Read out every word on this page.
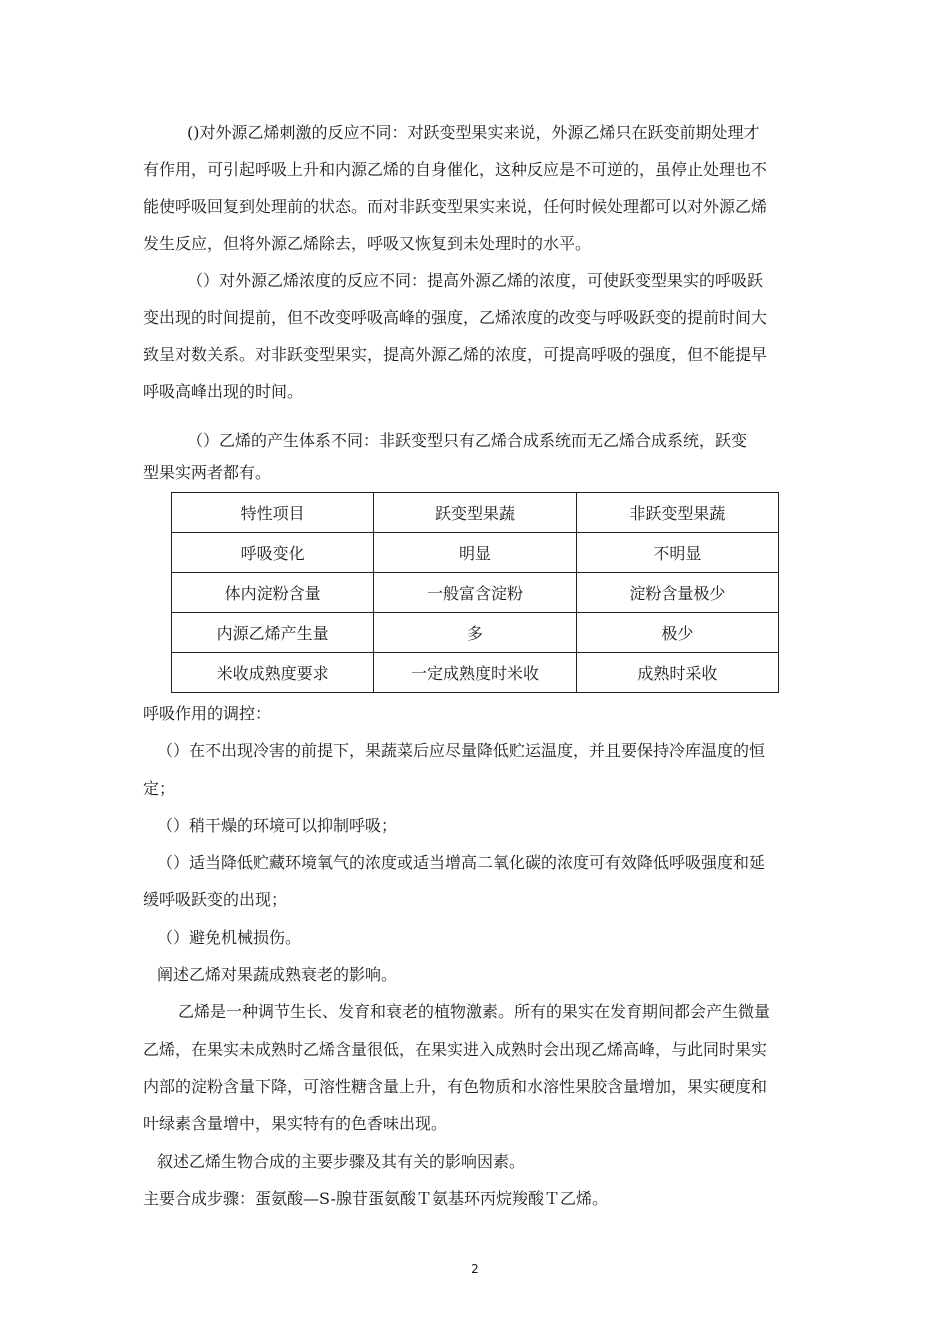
()对外源乙烯刺激的反应不同：对跃变型果实来说，外源乙烯只在跃变前期处理才
有作用，可引起呼吸上升和内源乙烯的自身催化，这种反应是不可逆的，虽停止处理也不
能使呼吸回复到处理前的状态。而对非跃变型果实来说，任何时候处理都可以对外源乙烯
发生反应，但将外源乙烯除去，呼吸又恢复到未处理时的水平。
（）对外源乙烯浓度的反应不同：提高外源乙烯的浓度，可使跃变型果实的呼吸跃
变出现的时间提前，但不改变呼吸高峰的强度，乙烯浓度的改变与呼吸跃变的提前时间大
致呈对数关系。对非跃变型果实，提高外源乙烯的浓度，可提高呼吸的强度，但不能提早
呼吸高峰出现的时间。
（）乙烯的产生体系不同：非跃变型只有乙烯合成系统而无乙烯合成系统，跃变
型果实两者都有。
特性项目	跃变型果蔬	非跃变型果蔬
呼吸变化	明显	不明显
体内淀粉含量	一般富含淀粉	淀粉含量极少
内源乙烯产生量	多	极少
米收成熟度要求	一定成熟度时米收	成熟时采收
呼吸作用的调控：
（）在不出现冷害的前提下，果蔬菜后应尽量降低贮运温度，并且要保持冷库温度的恒
定；
（）稍干燥的环境可以抑制呼吸；
（）适当降低贮藏环境氧气的浓度或适当增高二氧化碳的浓度可有效降低呼吸强度和延
缓呼吸跃变的出现；
（）避免机械损伤。
阐述乙烯对果蔬成熟衰老的影响。
乙烯是一种调节生长、发育和衰老的植物激素。所有的果实在发育期间都会产生微量
乙烯，在果实未成熟时乙烯含量很低，在果实进入成熟时会出现乙烯高峰，与此同时果实
内部的淀粉含量下降，可溶性糖含量上升，有色物质和水溶性果胶含量增加，果实硬度和
叶绿素含量增中，果实特有的色香味出现。
叙述乙烯生物合成的主要步骤及其有关的影响因素。
主要合成步骤：蛋氨酸—S-腺苷蛋氨酸Ｔ氨基环丙烷羧酸Ｔ乙烯。
2
